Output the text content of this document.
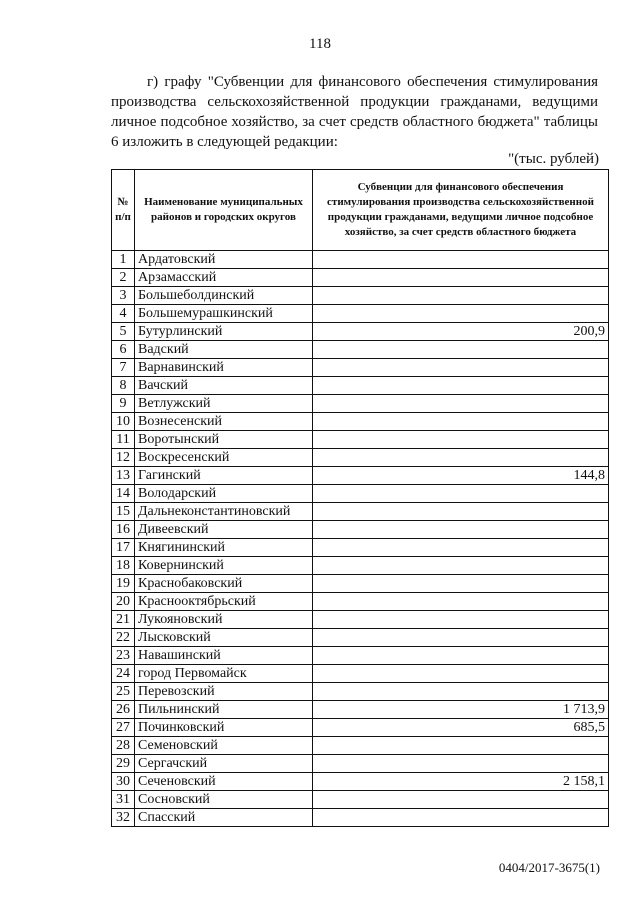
118

г) графу "Субвенции для финансового обеспечения стимулирования производства сельскохозяйственной продукции гражданами, ведущими личное подсобное хозяйство, за счет средств областного бюджета" таблицы 6 изложить в следующей редакции:

"(тыс. рублей)
№ п/п	Наименование муниципальных районов и городских округов	Субвенции для финансового обеспечения стимулирования производства сельскохозяйственной продукции гражданами, ведущими личное подсобное хозяйство, за счет средств областного бюджета
1	Ардатовский	
2	Арзамасский	
3	Большеболдинский	
4	Большемурашкинский	
5	Бутурлинский	200,9
6	Вадский	
7	Варнавинский	
8	Вачский	
9	Ветлужский	
10	Вознесенский	
11	Воротынский	
12	Воскресенский	
13	Гагинский	144,8
14	Володарский	
15	Дальнеконстантиновский	
16	Дивеевский	
17	Княгининский	
18	Ковернинский	
19	Краснобаковский	
20	Краснооктябрьский	
21	Лукояновский	
22	Лысковский	
23	Навашинский	
24	город Первомайск	
25	Перевозский	
26	Пильнинский	1 713,9
27	Починковский	685,5
28	Семеновский	
29	Сергачский	
30	Сеченовский	2 158,1
31	Сосновский	
32	Спасский	
0404/2017-3675(1)
